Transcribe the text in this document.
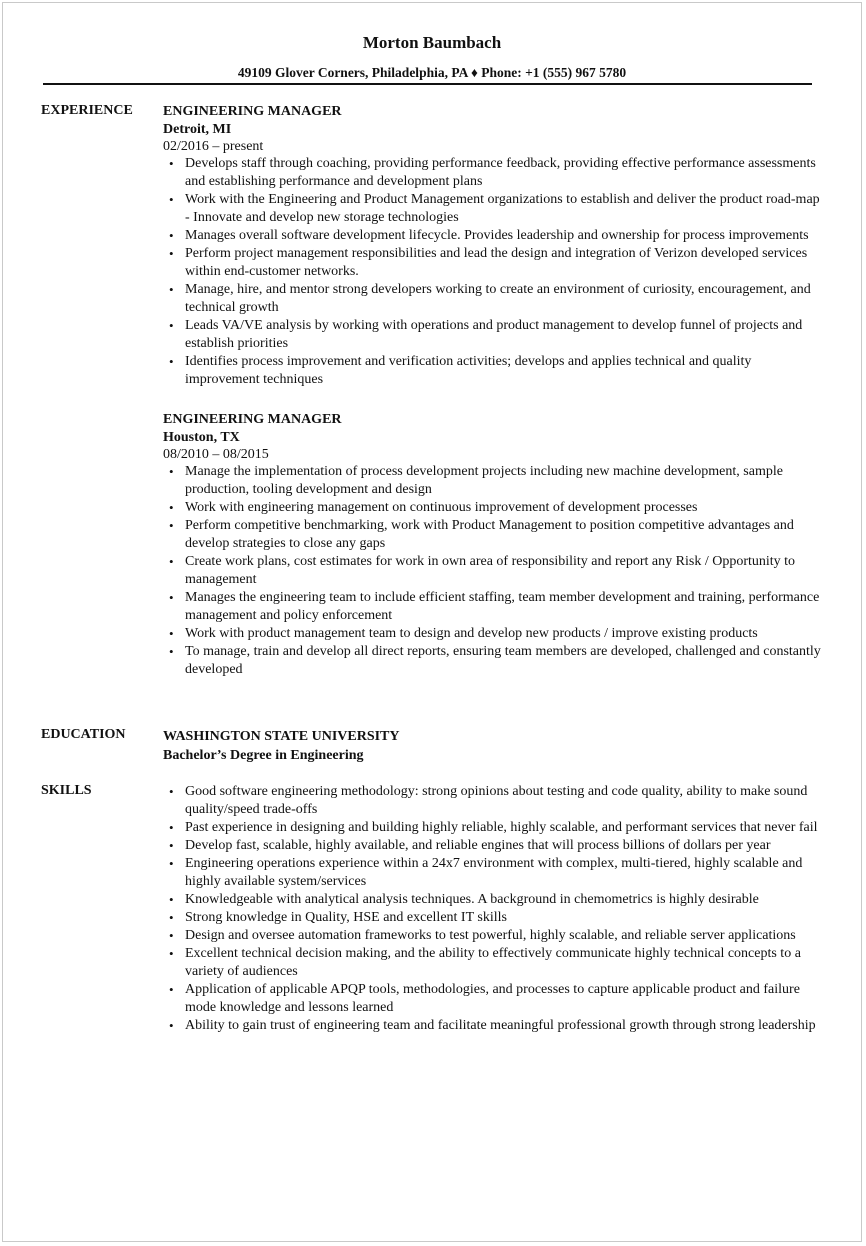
Morton Baumbach
49109 Glover Corners, Philadelphia, PA ♦ Phone: +1 (555) 967 5780
EXPERIENCE ENGINEERING MANAGER
Detroit, MI
02/2016 – present
• Develops staff through coaching, providing performance feedback, providing effective performance assessments and establishing performance and development plans
• Work with the Engineering and Product Management organizations to establish and deliver the product road-map - Innovate and develop new storage technologies
• Manages overall software development lifecycle. Provides leadership and ownership for process improvements
• Perform project management responsibilities and lead the design and integration of Verizon developed services within end-customer networks.
• Manage, hire, and mentor strong developers working to create an environment of curiosity, encouragement, and technical growth
• Leads VA/VE analysis by working with operations and product management to develop funnel of projects and establish priorities
• Identifies process improvement and verification activities; develops and applies technical and quality improvement techniques
ENGINEERING MANAGER
Houston, TX
08/2010 – 08/2015
• Manage the implementation of process development projects including new machine development, sample production, tooling development and design
• Work with engineering management on continuous improvement of development processes
• Perform competitive benchmarking, work with Product Management to position competitive advantages and develop strategies to close any gaps
• Create work plans, cost estimates for work in own area of responsibility and report any Risk / Opportunity to management
• Manages the engineering team to include efficient staffing, team member development and training, performance management and policy enforcement
• Work with product management team to design and develop new products / improve existing products
• To manage, train and develop all direct reports, ensuring team members are developed, challenged and constantly developed
EDUCATION	WASHINGTON STATE UNIVERSITY
Bachelor’s Degree in Engineering
SKILLS
•	Good software engineering methodology: strong opinions about testing and code quality, ability to make sound quality/speed trade-offs
• Past experience in designing and building highly reliable, highly scalable, and performant services that never fail
• Develop fast, scalable, highly available, and reliable engines that will process billions of dollars per year
• Engineering operations experience within a 24x7 environment with complex, multi-tiered, highly scalable and highly available system/services
• Knowledgeable with analytical analysis techniques. A background in chemometrics is highly desirable
• Strong knowledge in Quality, HSE and excellent IT skills
• Design and oversee automation frameworks to test powerful, highly scalable, and reliable server applications
• Excellent technical decision making, and the ability to effectively communicate highly technical concepts to a variety of audiences
• Application of applicable APQP tools, methodologies, and processes to capture applicable product and failure mode knowledge and lessons learned
• Ability to gain trust of engineering team and facilitate meaningful professional growth through strong leadership
